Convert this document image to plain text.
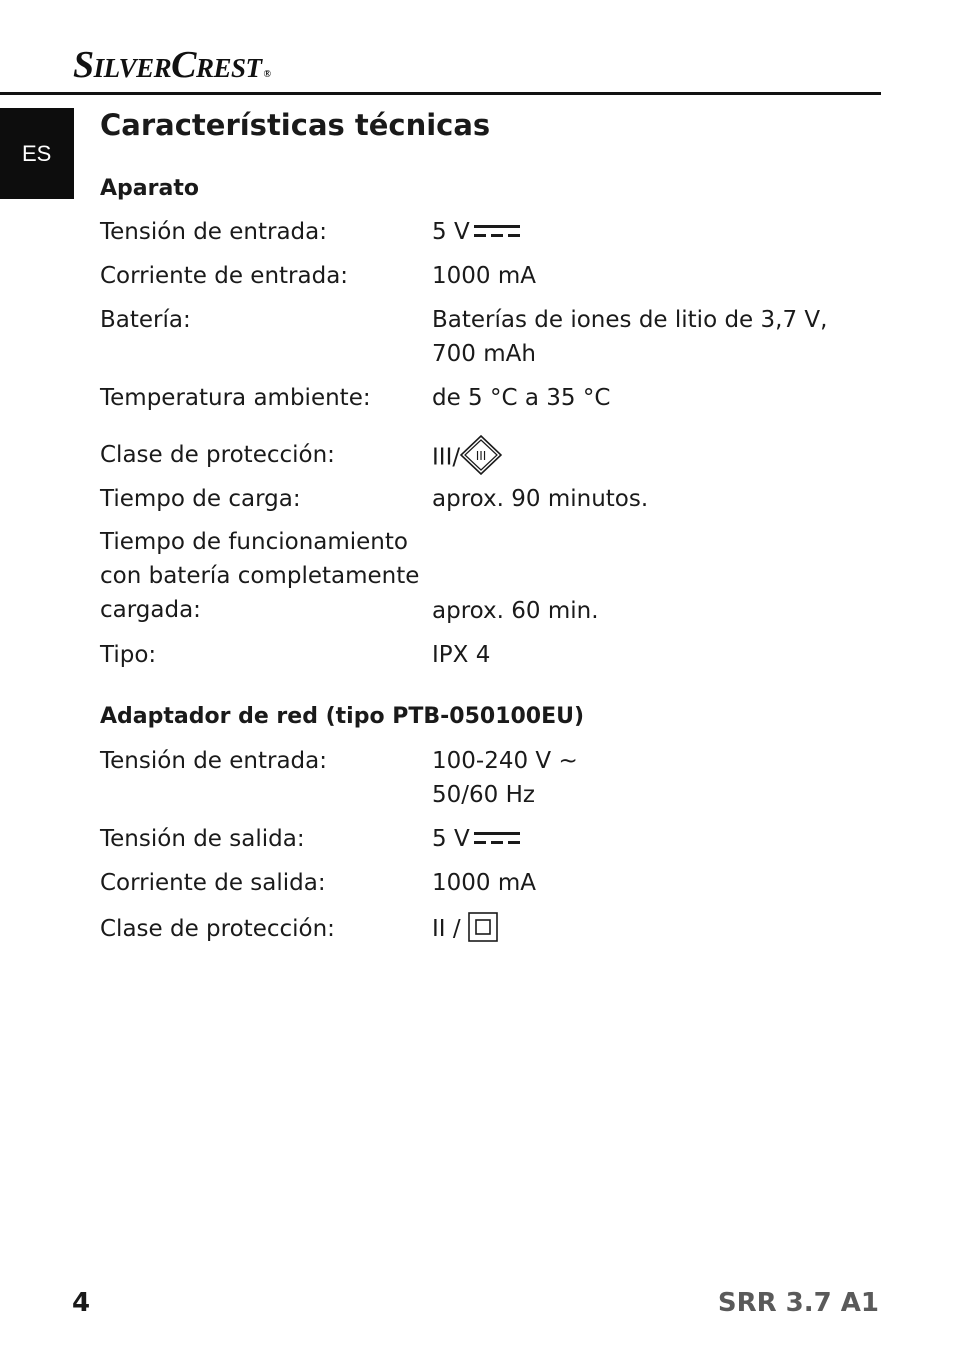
SilverCrest ®
ES
Características técnicas
Aparato
Tensión de entrada:	5 V
Corriente de entrada:	1000 mA
Batería:	Baterías de iones de litio de 3,7 V,
700 mAh
Temperatura ambiente:	de 5 °C a 35 °C
Clase de protección:	III/ III
Tiempo de carga:	aprox. 90 minutos.
Tiempo de funcionamiento
con batería completamente
cargada:	aprox. 60 min.
Tipo:	IPX 4
Adaptador de red (tipo PTB-050100EU)
Tensión de entrada:	100-240 V ~
50/60 Hz
Tensión de salida:	5 V
Corriente de salida:	1000 mA
Clase de protección:	II /
4	SRR 3.7 A1
